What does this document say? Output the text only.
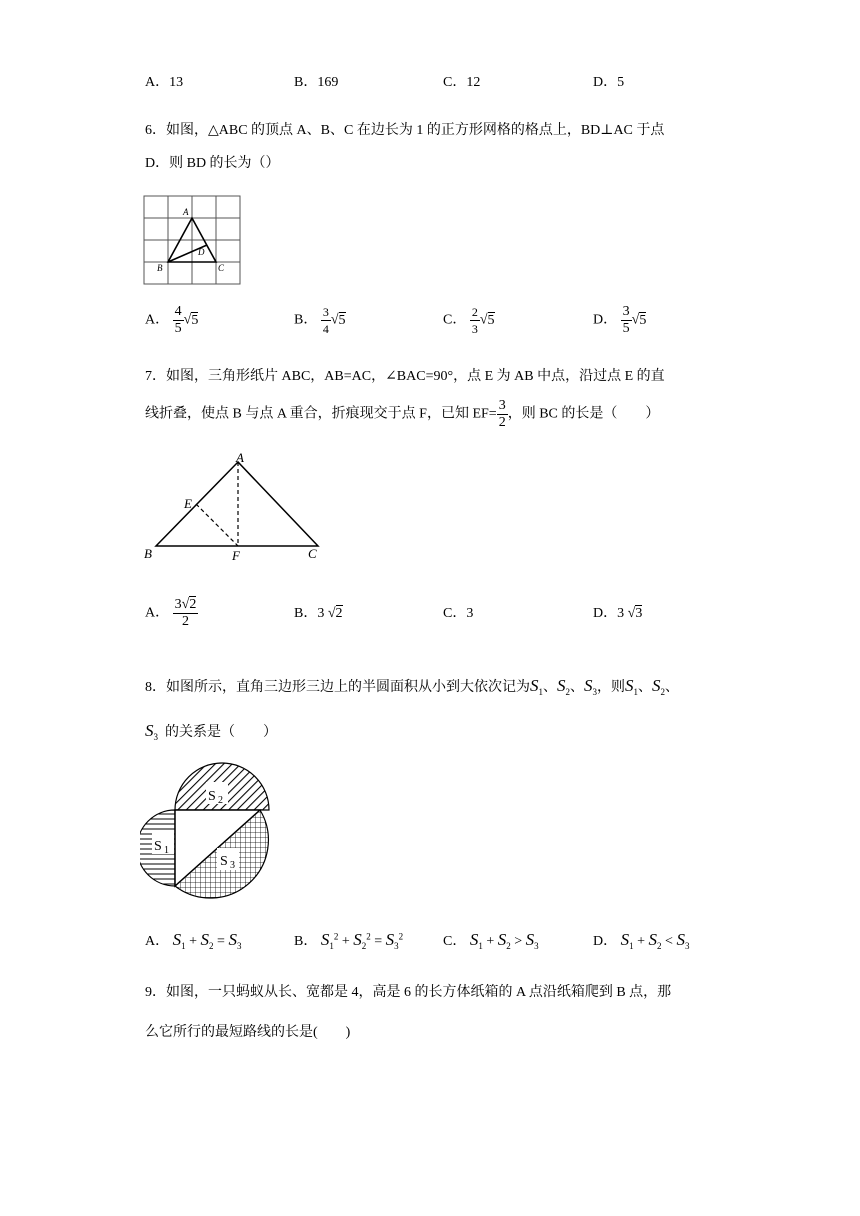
A．13	B．169	C．12	D．5
6．如图，△ABC 的顶点 A、B、C 在边长为 1 的正方形网格的格点上，BD⊥AC 于点
D．则 BD 的长为（）
A
B	C
D
A． $\frac{4}{5} √5$	B． $\frac{3}{4} √5$	C． $\frac{2}{3} √5$	D． $\frac{3}{5} √5$
7．如图，三角形纸片 ABC，AB=AC，∠BAC=90°，点 E 为 AB 中点，沿过点 E 的直
线折叠，使点 B 与点 A 重合，折痕现交于点 F，已知 $EF= \frac{3}{2}$ ，则 BC 的长是（　　）
A
B	C
E
F
A． $\frac{3√2}{2}$	B．3 √2	C．3	D．3 √3
8．如图所示，直角三边形三边上的半圆面积从小到大依次记为$S_1$、$S_2$、$S_3$，则$S_1$、$S_2$、
$S_3$ 的关系是（　　）
S 2
S 1
S 3
A． $S_1 + S_2 = S_3$	B． $S_1^2 + S_2^2 = S_3^2$	C． $S_1 + S_2 > S_3$	D． $S_1 + S_2 < S_3$
9．如图，一只蚂蚁从长、宽都是 4，高是 6 的长方体纸箱的 A 点沿纸箱爬到 B 点，那
么它所行的最短路线的长是(　　)
